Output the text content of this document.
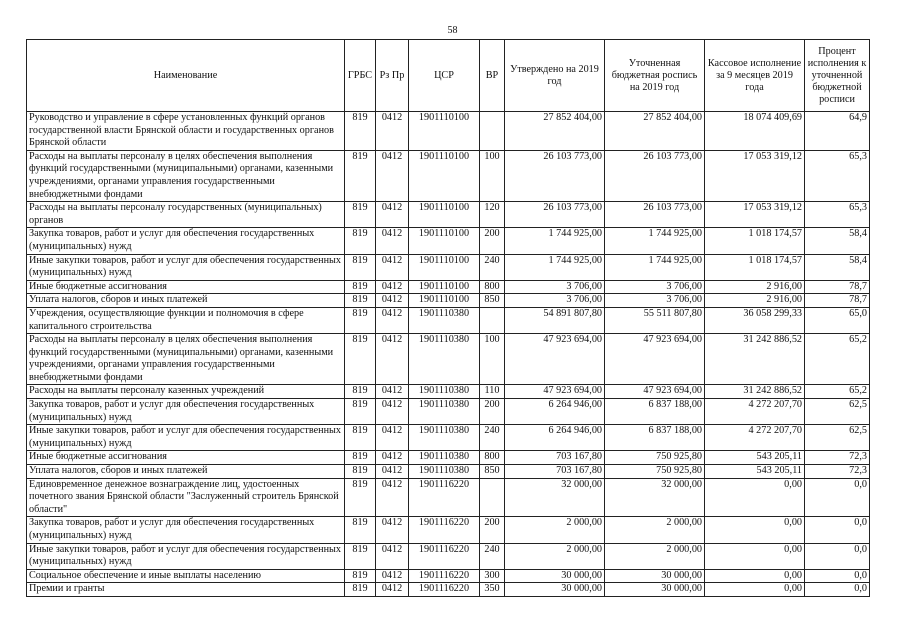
58
Наименование	ГРБС	Рз Пр	ЦСР	ВР	Утверждено на 2019 год	Уточненная бюджетная роспись на 2019 год	Кассовое исполнение за 9 месяцев 2019 года	Процент исполнения к уточненной бюджетной росписи
Руководство и управление в сфере установленных функций органов государственной власти Брянской области и государственных органов Брянской области	819	0412	1901110100		27 852 404,00	27 852 404,00	18 074 409,69	64,9
Расходы на выплаты персоналу в целях обеспечения выполнения функций государственными (муниципальными) органами, казенными учреждениями, органами управления государственными внебюджетными фондами	819	0412	1901110100	100	26 103 773,00	26 103 773,00	17 053 319,12	65,3
Расходы на выплаты персоналу государственных (муниципальных) органов	819	0412	1901110100	120	26 103 773,00	26 103 773,00	17 053 319,12	65,3
Закупка товаров, работ и услуг для обеспечения государственных (муниципальных) нужд	819	0412	1901110100	200	1 744 925,00	1 744 925,00	1 018 174,57	58,4
Иные закупки товаров, работ и услуг для обеспечения государственных (муниципальных) нужд	819	0412	1901110100	240	1 744 925,00	1 744 925,00	1 018 174,57	58,4
Иные бюджетные ассигнования	819	0412	1901110100	800	3 706,00	3 706,00	2 916,00	78,7
Уплата налогов, сборов и иных платежей	819	0412	1901110100	850	3 706,00	3 706,00	2 916,00	78,7
Учреждения, осуществляющие функции и полномочия в сфере капитального строительства	819	0412	1901110380		54 891 807,80	55 511 807,80	36 058 299,33	65,0
Расходы на выплаты персоналу в целях обеспечения выполнения функций государственными (муниципальными) органами, казенными учреждениями, органами управления государственными внебюджетными фондами	819	0412	1901110380	100	47 923 694,00	47 923 694,00	31 242 886,52	65,2
Расходы на выплаты персоналу казенных учреждений	819	0412	1901110380	110	47 923 694,00	47 923 694,00	31 242 886,52	65,2
Закупка товаров, работ и услуг для обеспечения государственных (муниципальных) нужд	819	0412	1901110380	200	6 264 946,00	6 837 188,00	4 272 207,70	62,5
Иные закупки товаров, работ и услуг для обеспечения государственных (муниципальных) нужд	819	0412	1901110380	240	6 264 946,00	6 837 188,00	4 272 207,70	62,5
Иные бюджетные ассигнования	819	0412	1901110380	800	703 167,80	750 925,80	543 205,11	72,3
Уплата налогов, сборов и иных платежей	819	0412	1901110380	850	703 167,80	750 925,80	543 205,11	72,3
Единовременное денежное вознаграждение лиц, удостоенных почетного звания Брянской области "Заслуженный строитель Брянской области"	819	0412	1901116220		32 000,00	32 000,00	0,00	0,0
Закупка товаров, работ и услуг для обеспечения государственных (муниципальных) нужд	819	0412	1901116220	200	2 000,00	2 000,00	0,00	0,0
Иные закупки товаров, работ и услуг для обеспечения государственных (муниципальных) нужд	819	0412	1901116220	240	2 000,00	2 000,00	0,00	0,0
Социальное обеспечение и иные выплаты населению	819	0412	1901116220	300	30 000,00	30 000,00	0,00	0,0
Премии и гранты	819	0412	1901116220	350	30 000,00	30 000,00	0,00	0,0
